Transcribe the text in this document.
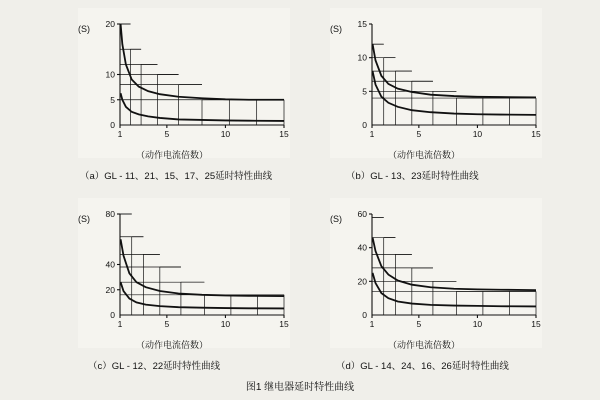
(S)
1	5	10	15
5
10
20
0
（动作电流倍数）
（a）GL - 11、21、15、17、25延时特性曲线
(S)
1	5	10	15
5
10
15
0
（动作电流倍数）
（b）GL - 13、23延时特性曲线
(S)
1	5	10	15
20
40
80
0
（动作电流倍数）
（c）GL - 12、22延时特性曲线
(S)
1	5	10	15
20
40
60
0
（动作电流倍数）
（d）GL - 14、24、16、26延时特性曲线
图1 继电器延时特性曲线
